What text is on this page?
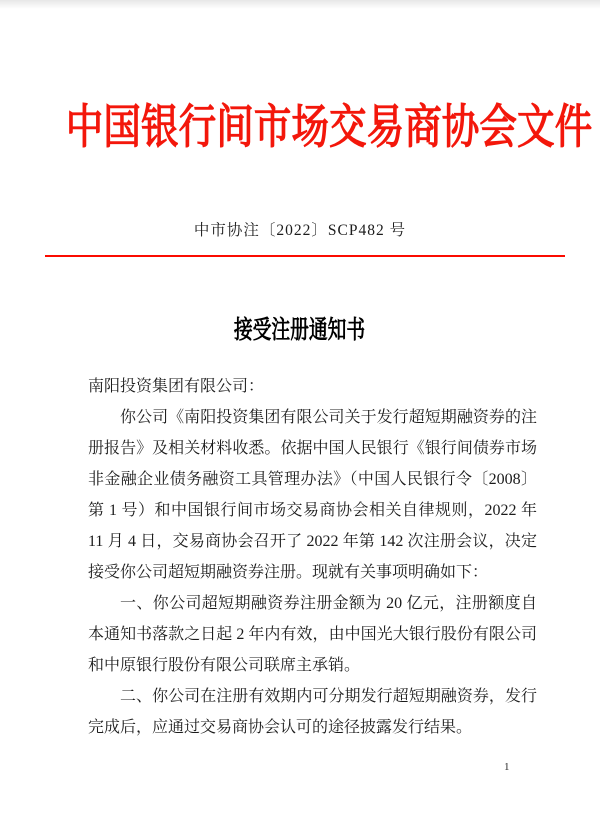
中国银行间市场交易商协会文件
中市协注〔2022〕SCP482 号
接受注册通知书
南阳投资集团有限公司：
你公司《南阳投资集团有限公司关于发行超短期融资券的注
册报告》及相关材料收悉。依据中国人民银行《银行间债券市场
非金融企业债务融资工具管理办法》（中国人民银行令〔2008〕
第 1 号）和中国银行间市场交易商协会相关自律规则，2022 年
11 月 4 日，交易商协会召开了 2022 年第 142 次注册会议，决定
接受你公司超短期融资券注册。现就有关事项明确如下：
一、你公司超短期融资券注册金额为 20 亿元，注册额度自
本通知书落款之日起 2 年内有效，由中国光大银行股份有限公司
和中原银行股份有限公司联席主承销。
二、你公司在注册有效期内可分期发行超短期融资券，发行
完成后，应通过交易商协会认可的途径披露发行结果。
1
